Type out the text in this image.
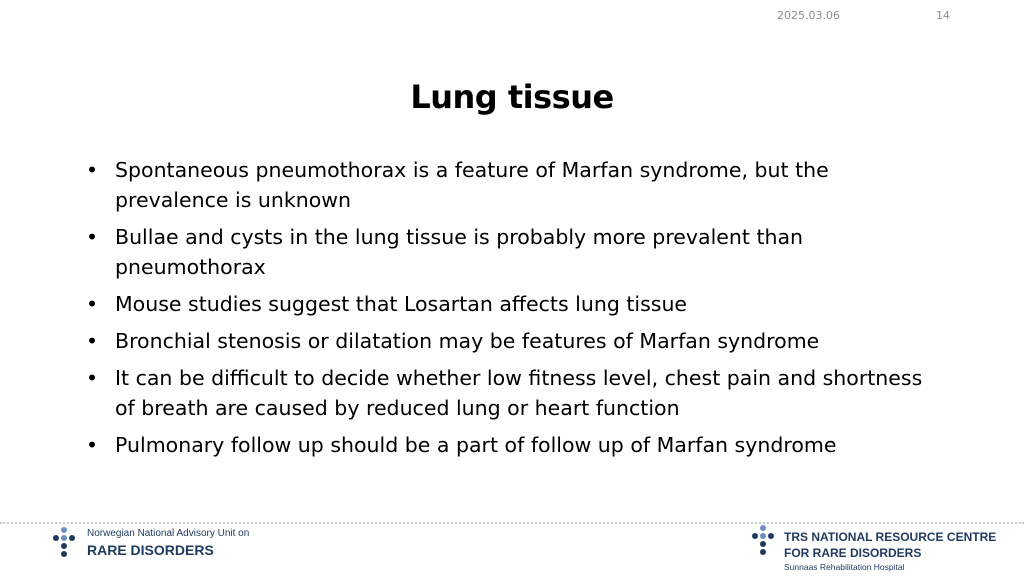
2025.03.06	14
Lung tissue
• Spontaneous pneumothorax is a feature of Marfan syndrome, but the prevalence is unknown
• Bullae and cysts in the lung tissue is probably more prevalent than pneumothorax
• Mouse studies suggest that Losartan affects lung tissue
• Bronchial stenosis or dilatation may be features of Marfan syndrome
• It can be difficult to decide whether low fitness level, chest pain and shortness of breath are caused by reduced lung or heart function
• Pulmonary follow up should be a part of follow up of Marfan syndrome
Norwegian National Advisory Unit on
RARE DISORDERS
TRS NATIONAL RESOURCE CENTRE
FOR RARE DISORDERS
Sunnaas Rehabilitation Hospital
